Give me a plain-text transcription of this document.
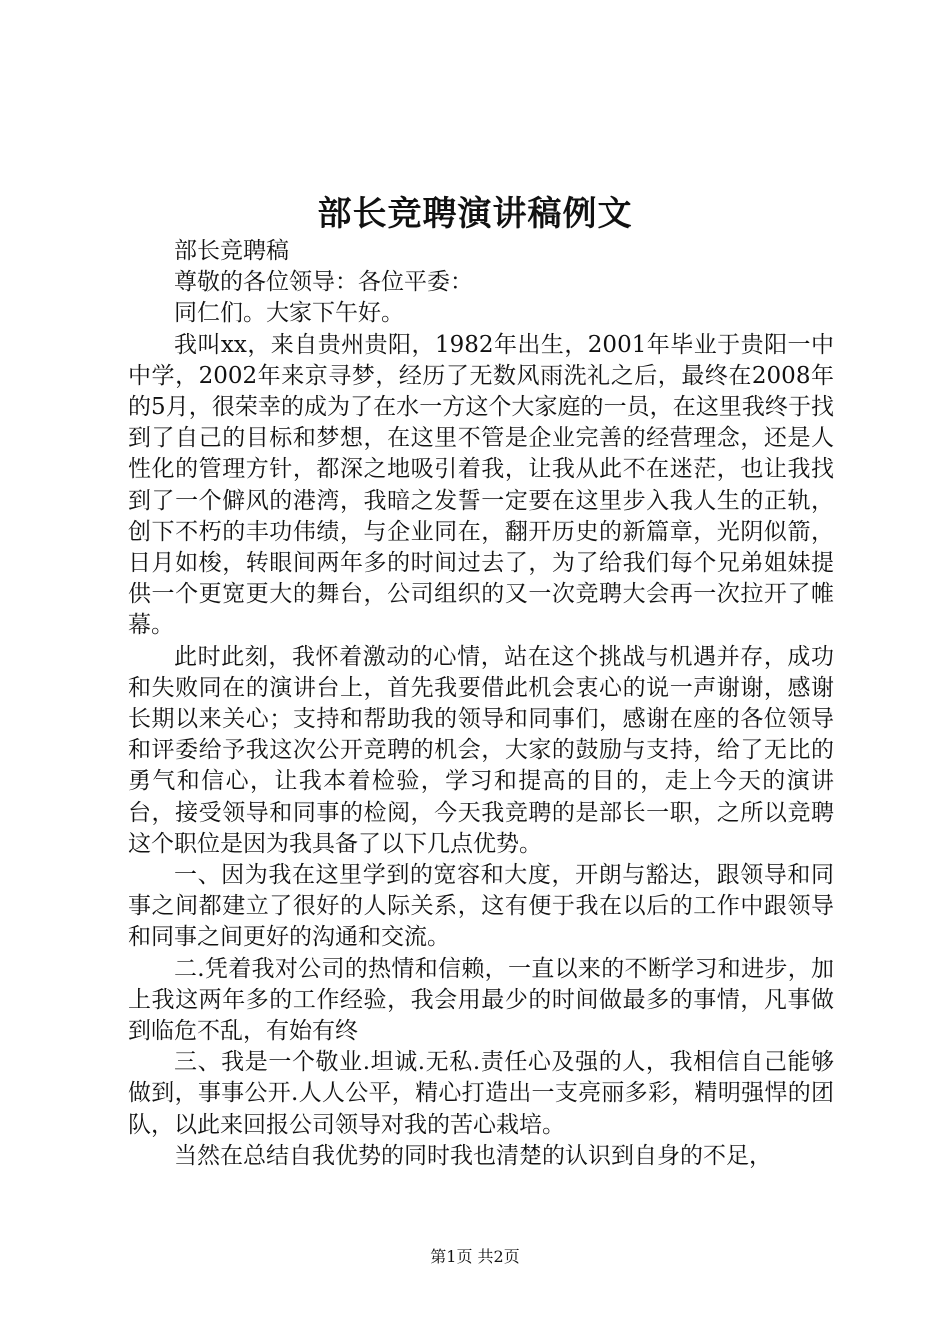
部长竞聘演讲稿例文

部长竞聘稿

尊敬的各位领导：各位平委：

同仁们。大家下午好。

我叫xx，来自贵州贵阳，1982年出生，2001年毕业于贵阳一中中学，2002年来京寻梦，经历了无数风雨洗礼之后，最终在2008年的5月，很荣幸的成为了在水一方这个大家庭的一员，在这里我终于找到了自己的目标和梦想，在这里不管是企业完善的经营理念，还是人性化的管理方针，都深之地吸引着我，让我从此不在迷茫，也让我找到了一个僻风的港湾，我暗之发誓一定要在这里步入我人生的正轨，创下不朽的丰功伟绩，与企业同在，翻开历史的新篇章，光阴似箭，日月如梭，转眼间两年多的时间过去了，为了给我们每个兄弟姐妹提供一个更宽更大的舞台，公司组织的又一次竞聘大会再一次拉开了帷幕。

此时此刻，我怀着激动的心情，站在这个挑战与机遇并存，成功和失败同在的演讲台上，首先我要借此机会衷心的说一声谢谢，感谢长期以来关心；支持和帮助我的领导和同事们，感谢在座的各位领导和评委给予我这次公开竞聘的机会，大家的鼓励与支持，给了无比的勇气和信心，让我本着检验，学习和提高的目的，走上今天的演讲台，接受领导和同事的检阅，今天我竞聘的是部长一职，之所以竞聘这个职位是因为我具备了以下几点优势。

一、因为我在这里学到的宽容和大度，开朗与豁达，跟领导和同事之间都建立了很好的人际关系，这有便于我在以后的工作中跟领导和同事之间更好的沟通和交流。

二.凭着我对公司的热情和信赖，一直以来的不断学习和进步，加上我这两年多的工作经验，我会用最少的时间做最多的事情，凡事做到临危不乱，有始有终

三、我是一个敬业.坦诚.无私.责任心及强的人，我相信自己能够做到，事事公开.人人公平，精心打造出一支亮丽多彩，精明强悍的团队，以此来回报公司领导对我的苦心栽培。

当然在总结自我优势的同时我也清楚的认识到自身的不足，

第1页 共2页
